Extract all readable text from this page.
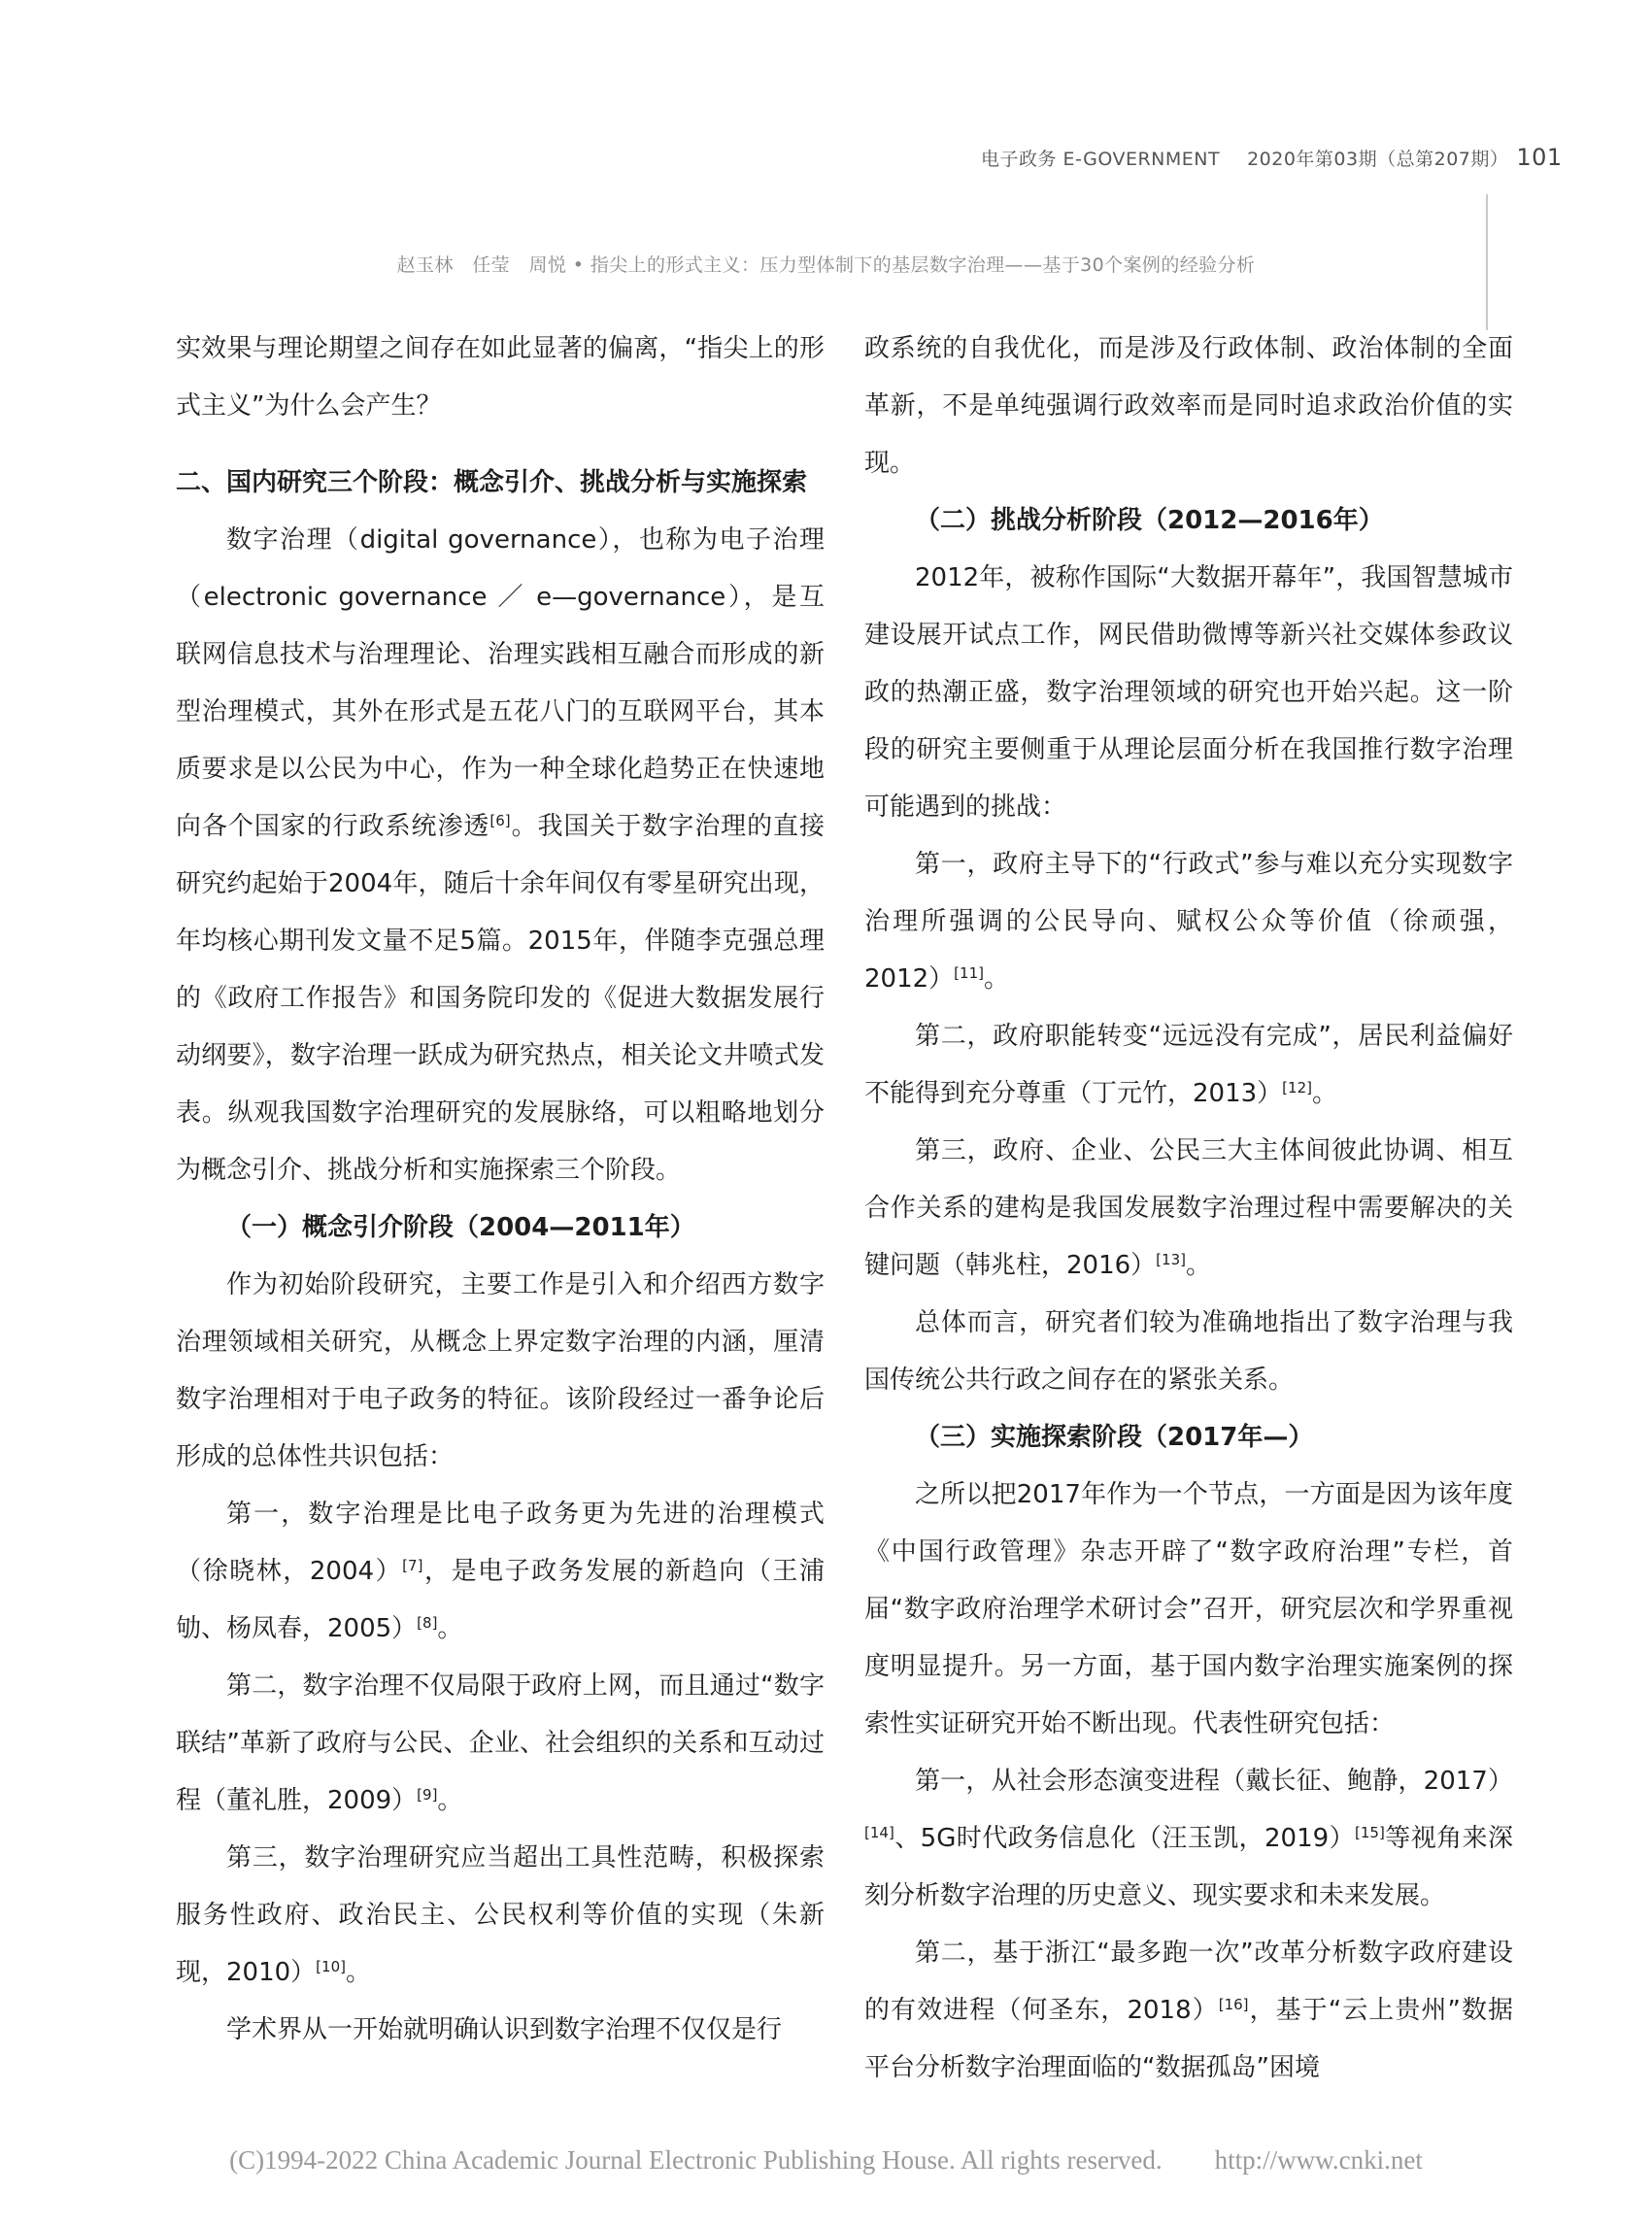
电子政务 E-GOVERNMENT 2020年第03期（总第207期） 101
赵玉林　任莹　周悦 • 指尖上的形式主义：压力型体制下的基层数字治理——基于30个案例的经验分析

实效果与理论期望之间存在如此显著的偏离，“指尖上的形式主义”为什么会产生？

二、国内研究三个阶段：概念引介、挑战分析与实施探索

数字治理（digital governance），也称为电子治理（electronic governance ／ e—governance），是互联网信息技术与治理理论、治理实践相互融合而形成的新型治理模式，其外在形式是五花八门的互联网平台，其本质要求是以公民为中心，作为一种全球化趋势正在快速地向各个国家的行政系统渗透[6]。我国关于数字治理的直接研究约起始于2004年，随后十余年间仅有零星研究出现，年均核心期刊发文量不足5篇。2015年，伴随李克强总理的《政府工作报告》和国务院印发的《促进大数据发展行动纲要》，数字治理一跃成为研究热点，相关论文井喷式发表。纵观我国数字治理研究的发展脉络，可以粗略地划分为概念引介、挑战分析和实施探索三个阶段。

（一）概念引介阶段（2004—2011年）

作为初始阶段研究，主要工作是引入和介绍西方数字治理领域相关研究，从概念上界定数字治理的内涵，厘清数字治理相对于电子政务的特征。该阶段经过一番争论后形成的总体性共识包括：

第一，数字治理是比电子政务更为先进的治理模式（徐晓林，2004）[7]，是电子政务发展的新趋向（王浦劬、杨凤春，2005）[8]。

第二，数字治理不仅局限于政府上网，而且通过“数字联结”革新了政府与公民、企业、社会组织的关系和互动过程（董礼胜，2009）[9]。

第三，数字治理研究应当超出工具性范畴，积极探索服务性政府、政治民主、公民权利等价值的实现（朱新现，2010）[10]。

学术界从一开始就明确认识到数字治理不仅仅是行

政系统的自我优化，而是涉及行政体制、政治体制的全面革新，不是单纯强调行政效率而是同时追求政治价值的实现。

（二）挑战分析阶段（2012—2016年）

2012年，被称作国际“大数据开幕年”，我国智慧城市建设展开试点工作，网民借助微博等新兴社交媒体参政议政的热潮正盛，数字治理领域的研究也开始兴起。这一阶段的研究主要侧重于从理论层面分析在我国推行数字治理可能遇到的挑战：

第一，政府主导下的“行政式”参与难以充分实现数字治理所强调的公民导向、赋权公众等价值（徐顽强，2012）[11]。

第二，政府职能转变“远远没有完成”，居民利益偏好不能得到充分尊重（丁元竹，2013）[12]。

第三，政府、企业、公民三大主体间彼此协调、相互合作关系的建构是我国发展数字治理过程中需要解决的关键问题（韩兆柱，2016）[13]。

总体而言，研究者们较为准确地指出了数字治理与我国传统公共行政之间存在的紧张关系。

（三）实施探索阶段（2017年—）

之所以把2017年作为一个节点，一方面是因为该年度《中国行政管理》杂志开辟了“数字政府治理”专栏，首届“数字政府治理学术研讨会”召开，研究层次和学界重视度明显提升。另一方面，基于国内数字治理实施案例的探索性实证研究开始不断出现。代表性研究包括：

第一，从社会形态演变进程（戴长征、鲍静，2017）[14]、5G时代政务信息化（汪玉凯，2019）[15]等视角来深刻分析数字治理的历史意义、现实要求和未来发展。

第二，基于浙江“最多跑一次”改革分析数字政府建设的有效进程（何圣东，2018）[16]，基于“云上贵州”数据平台分析数字治理面临的“数据孤岛”困境

(C)1994-2022 China Academic Journal Electronic Publishing House. All rights reserved.　　http://www.cnki.net
